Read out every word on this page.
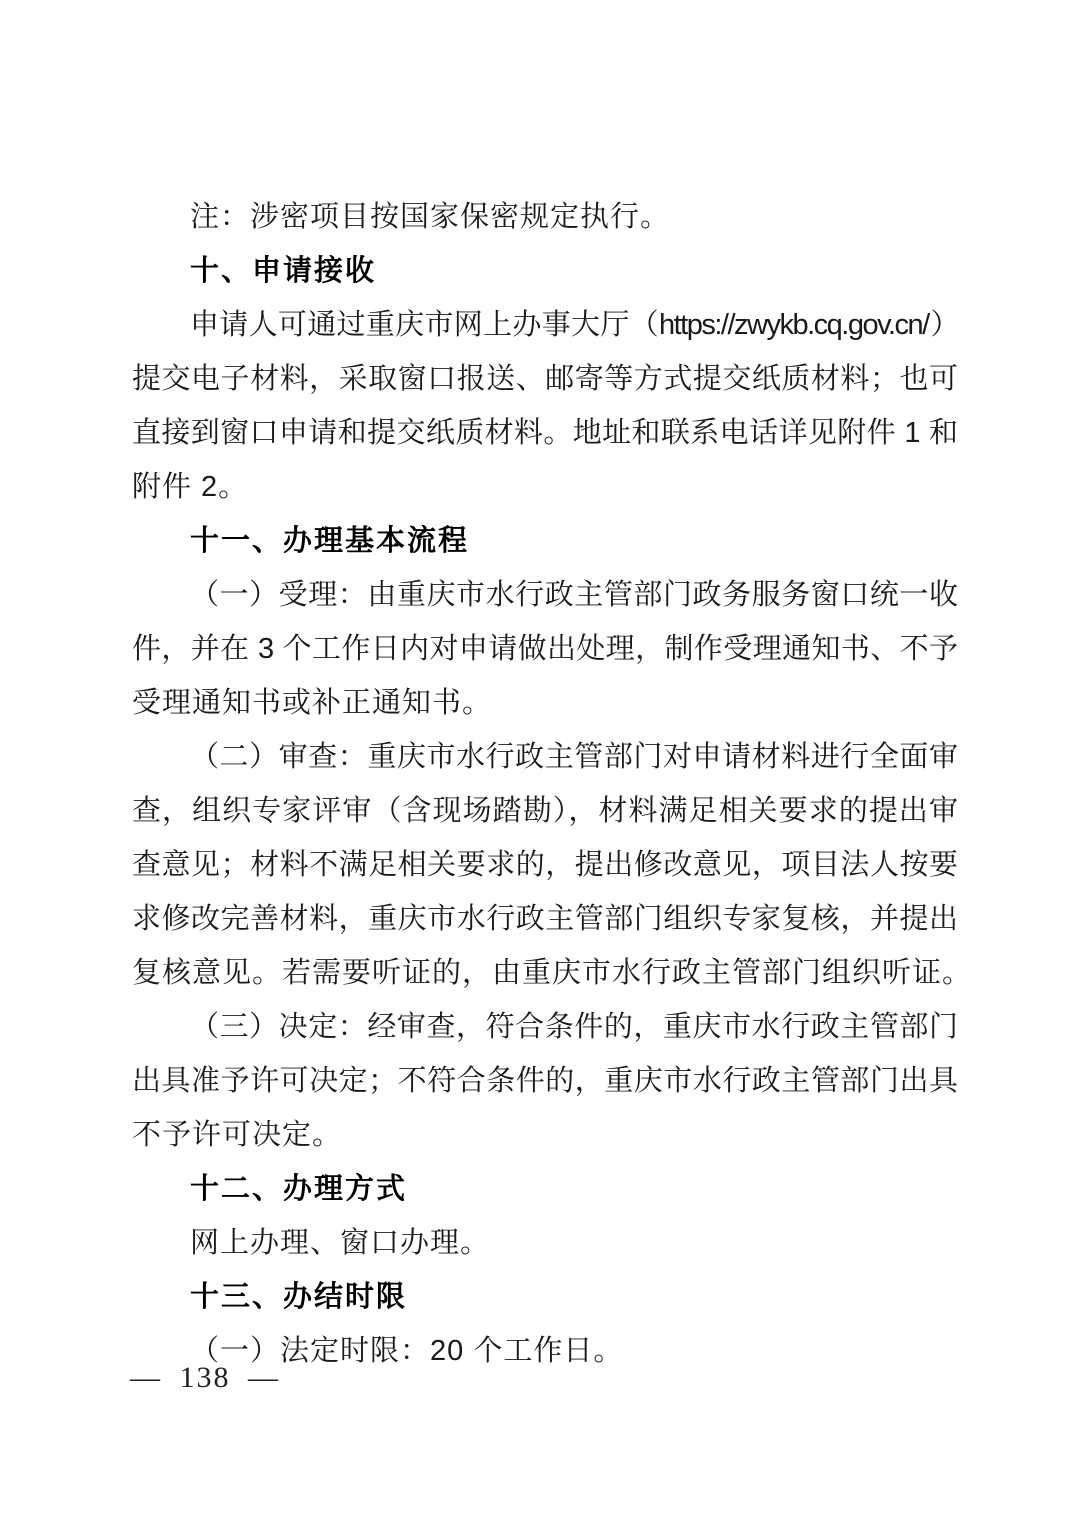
注：涉密项目按国家保密规定执行。
十、申请接收
申请人可通过重庆市网上办事大厅（https://zwykb.cq.gov.cn/）
提交电子材料，采取窗口报送、邮寄等方式提交纸质材料；也可
直接到窗口申请和提交纸质材料。地址和联系电话详见附件 1 和
附件 2。
十一、办理基本流程
（一）受理：由重庆市水行政主管部门政务服务窗口统一收
件，并在 3 个工作日内对申请做出处理，制作受理通知书、不予
受理通知书或补正通知书。
（二）审查：重庆市水行政主管部门对申请材料进行全面审
查，组织专家评审（含现场踏勘），材料满足相关要求的提出审
查意见；材料不满足相关要求的，提出修改意见，项目法人按要
求修改完善材料，重庆市水行政主管部门组织专家复核，并提出
复核意见。若需要听证的，由重庆市水行政主管部门组织听证。
（三）决定：经审查，符合条件的，重庆市水行政主管部门
出具准予许可决定；不符合条件的，重庆市水行政主管部门出具
不予许可决定。
十二、办理方式
网上办理、窗口办理。
十三、办结时限
（一）法定时限：20 个工作日。
— 138 —
